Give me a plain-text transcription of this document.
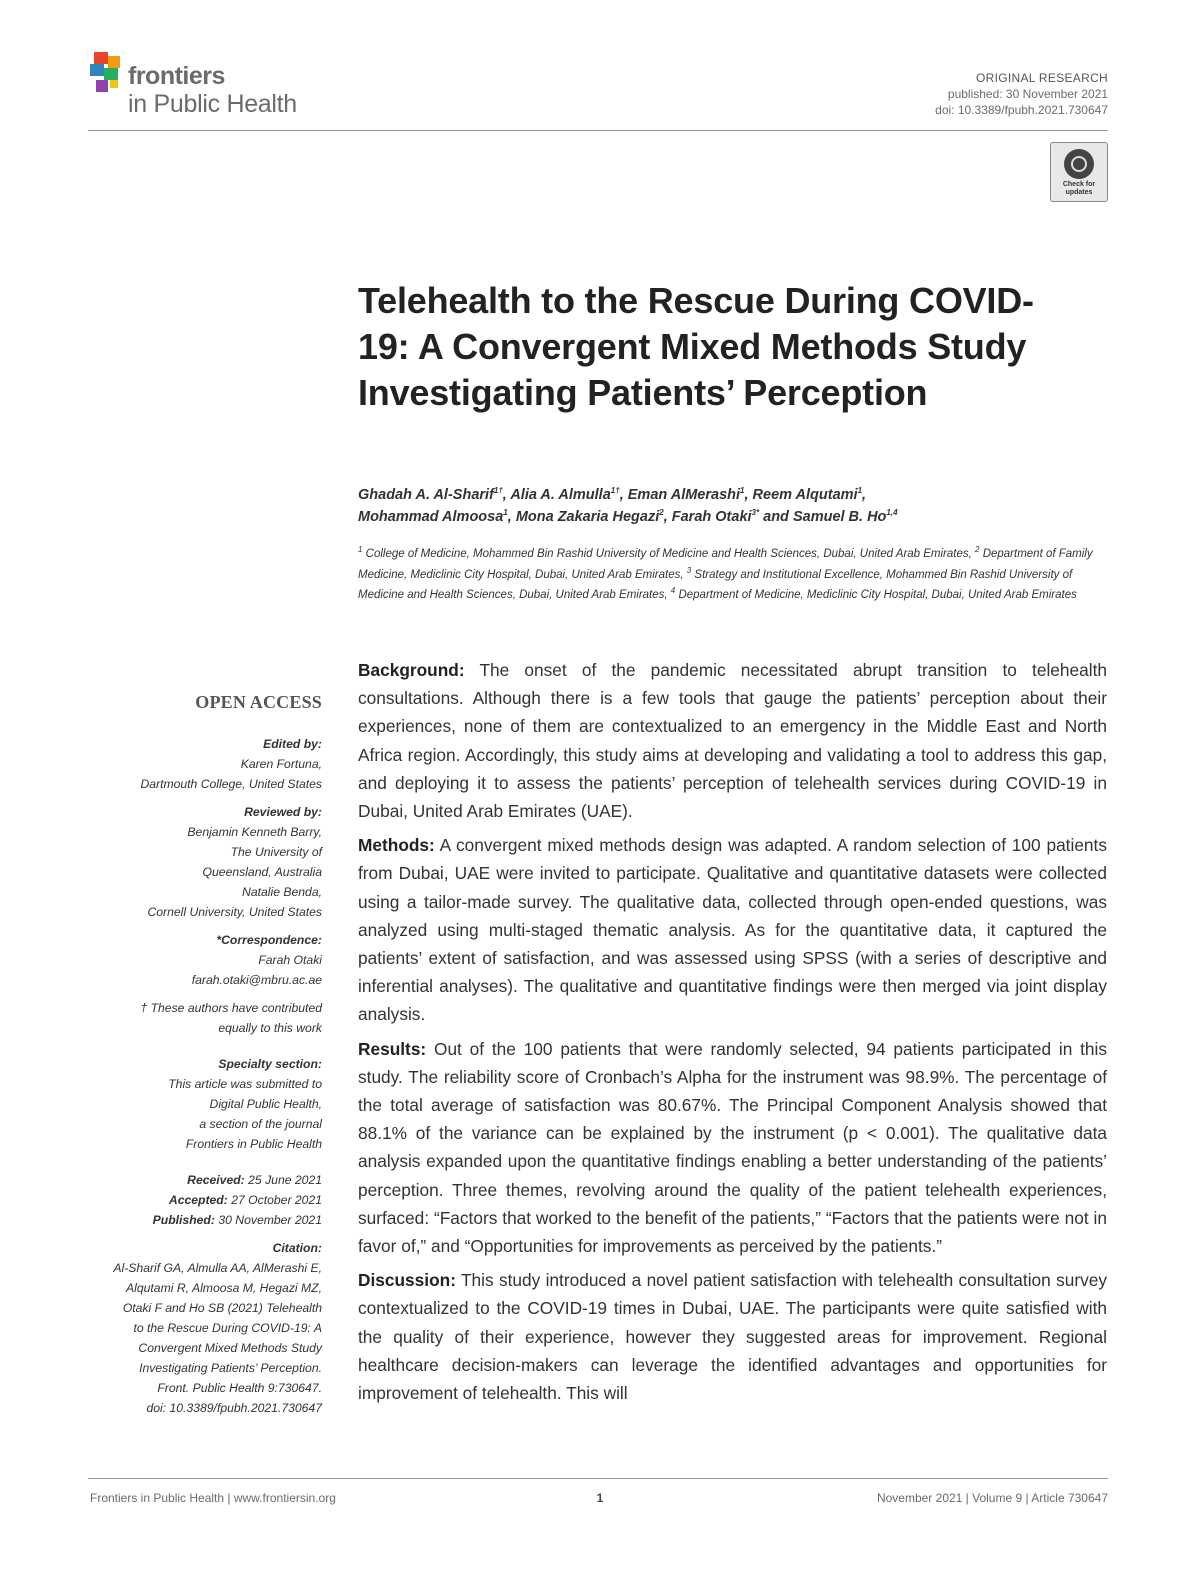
frontiers
in Public Health
ORIGINAL RESEARCH
published: 30 November 2021
doi: 10.3389/fpubh.2021.730647
Check for updates
Telehealth to the Rescue During COVID-19: A Convergent Mixed Methods Study Investigating Patients’ Perception
Ghadah A. Al-Sharif$^{1\dagger}$, Alia A. Almulla$^{1\dagger}$, Eman AlMerashi$^1$, Reem Alqutami$^1$,
Mohammad Almoosa$^1$, Mona Zakaria Hegazi$^2$, Farah Otaki$^{3*}$ and Samuel B. Ho$^{1,4}$
$^1$ College of Medicine, Mohammed Bin Rashid University of Medicine and Health Sciences, Dubai, United Arab Emirates, $^2$ Department of Family Medicine, Mediclinic City Hospital, Dubai, United Arab Emirates, $^3$ Strategy and Institutional Excellence, Mohammed Bin Rashid University of Medicine and Health Sciences, Dubai, United Arab Emirates, $^4$ Department of Medicine, Mediclinic City Hospital, Dubai, United Arab Emirates
OPEN ACCESS
Edited by:
Karen Fortuna,
Dartmouth College, United States
Reviewed by:
Benjamin Kenneth Barry,
The University of
Queensland, Australia
Natalie Benda,
Cornell University, United States
*Correspondence:
Farah Otaki
farah.otaki@mbru.ac.ae
† These authors have contributed
equally to this work
Specialty section:
This article was submitted to
Digital Public Health,
a section of the journal
Frontiers in Public Health
Received: 25 June 2021
Accepted: 27 October 2021
Published: 30 November 2021
Citation:
Al-Sharif GA, Almulla AA, AlMerashi E,
Alqutami R, Almoosa M, Hegazi MZ,
Otaki F and Ho SB (2021) Telehealth
to the Rescue During COVID-19: A
Convergent Mixed Methods Study
Investigating Patients’ Perception.
Front. Public Health 9:730647.
doi: 10.3389/fpubh.2021.730647

Background: The onset of the pandemic necessitated abrupt transition to telehealth consultations. Although there is a few tools that gauge the patients’ perception about their experiences, none of them are contextualized to an emergency in the Middle East and North Africa region. Accordingly, this study aims at developing and validating a tool to address this gap, and deploying it to assess the patients’ perception of telehealth services during COVID-19 in Dubai, United Arab Emirates (UAE).

Methods: A convergent mixed methods design was adapted. A random selection of 100 patients from Dubai, UAE were invited to participate. Qualitative and quantitative datasets were collected using a tailor-made survey. The qualitative data, collected through open-ended questions, was analyzed using multi-staged thematic analysis. As for the quantitative data, it captured the patients’ extent of satisfaction, and was assessed using SPSS (with a series of descriptive and inferential analyses). The qualitative and quantitative findings were then merged via joint display analysis.

Results: Out of the 100 patients that were randomly selected, 94 patients participated in this study. The reliability score of Cronbach’s Alpha for the instrument was 98.9%. The percentage of the total average of satisfaction was 80.67%. The Principal Component Analysis showed that 88.1% of the variance can be explained by the instrument (p < 0.001). The qualitative data analysis expanded upon the quantitative findings enabling a better understanding of the patients’ perception. Three themes, revolving around the quality of the patient telehealth experiences, surfaced: “Factors that worked to the benefit of the patients,” “Factors that the patients were not in favor of,” and “Opportunities for improvements as perceived by the patients.”

Discussion: This study introduced a novel patient satisfaction with telehealth consultation survey contextualized to the COVID-19 times in Dubai, UAE. The participants were quite satisfied with the quality of their experience, however they suggested areas for improvement. Regional healthcare decision-makers can leverage the identified advantages and opportunities for improvement of telehealth. This will

Frontiers in Public Health | www.frontiersin.org	1	November 2021 | Volume 9 | Article 730647
